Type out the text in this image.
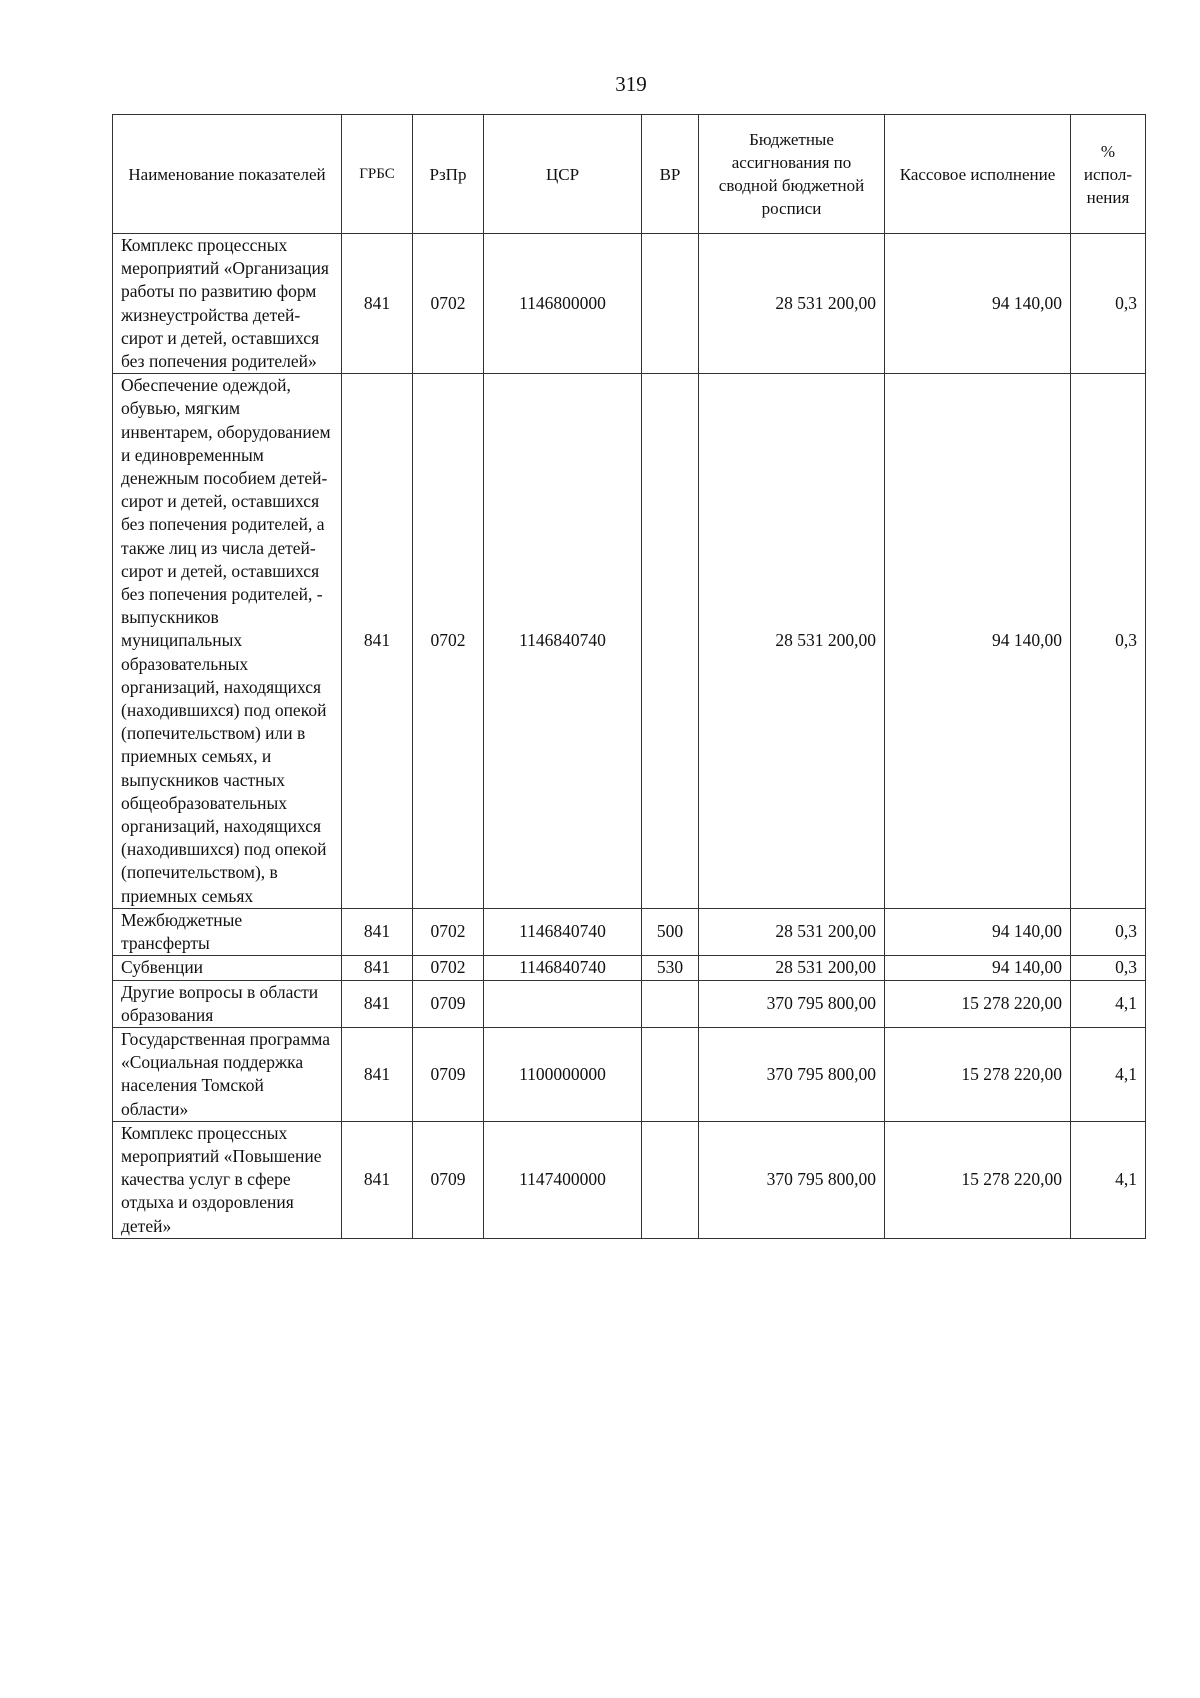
319
Наименование показателей	ГРБС	РзПр	ЦСР	ВР	Бюджетные ассигнования по сводной бюджетной росписи	Кассовое исполнение	% испол-нения
Комплекс процессных мероприятий «Организация работы по развитию форм жизнеустройства детей-сирот и детей, оставшихся без попечения родителей»	841	0702	1146800000		28 531 200,00	94 140,00	0,3
Обеспечение одеждой, обувью, мягким инвентарем, оборудованием и единовременным денежным пособием детей-сирот и детей, оставшихся без попечения родителей, а также лиц из числа детей-сирот и детей, оставшихся без попечения родителей, - выпускников муниципальных образовательных организаций, находящихся (находившихся) под опекой (попечительством) или в приемных семьях, и выпускников частных общеобразовательных организаций, находящихся (находившихся) под опекой (попечительством), в приемных семьях	841	0702	1146840740		28 531 200,00	94 140,00	0,3
Межбюджетные трансферты	841	0702	1146840740	500	28 531 200,00	94 140,00	0,3
Субвенции	841	0702	1146840740	530	28 531 200,00	94 140,00	0,3
Другие вопросы в области образования	841	0709			370 795 800,00	15 278 220,00	4,1
Государственная программа «Социальная поддержка населения Томской области»	841	0709	1100000000		370 795 800,00	15 278 220,00	4,1
Комплекс процессных мероприятий «Повышение качества услуг в сфере отдыха и оздоровления детей»	841	0709	1147400000		370 795 800,00	15 278 220,00	4,1
